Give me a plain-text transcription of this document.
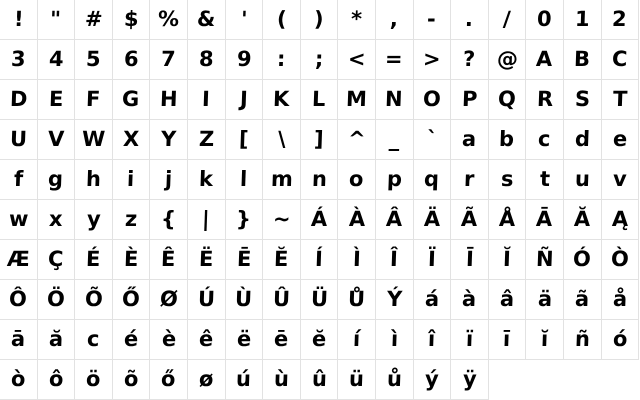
! " # $ % & ' ( ) * , - . / 0 1 2
3 4 5 6 7 8 9 : ; < = > ? @ A B C
D E F G H I J K L M N O P Q R S T
U V W X Y Z [ \ ] ^ _ ` a b c d e
f g h i j k l m n o p q r s t u v
w x y z { | } ~ Á À Â Ä Ã Å Ā Ă Ą
Æ Ç É È Ê Ë Ē Ĕ Í Ì Î Ï Ī Ĭ Ñ Ó Ò
Ô Ö Õ Ő Ø Ú Ù Û Ü Ů Ý á à â ä ã å
ā ă c é è ê ë ē ĕ í ì î ï ī ĭ ñ ó
ò ô ö õ ő ø ú ù û ü ů ý ÿ
